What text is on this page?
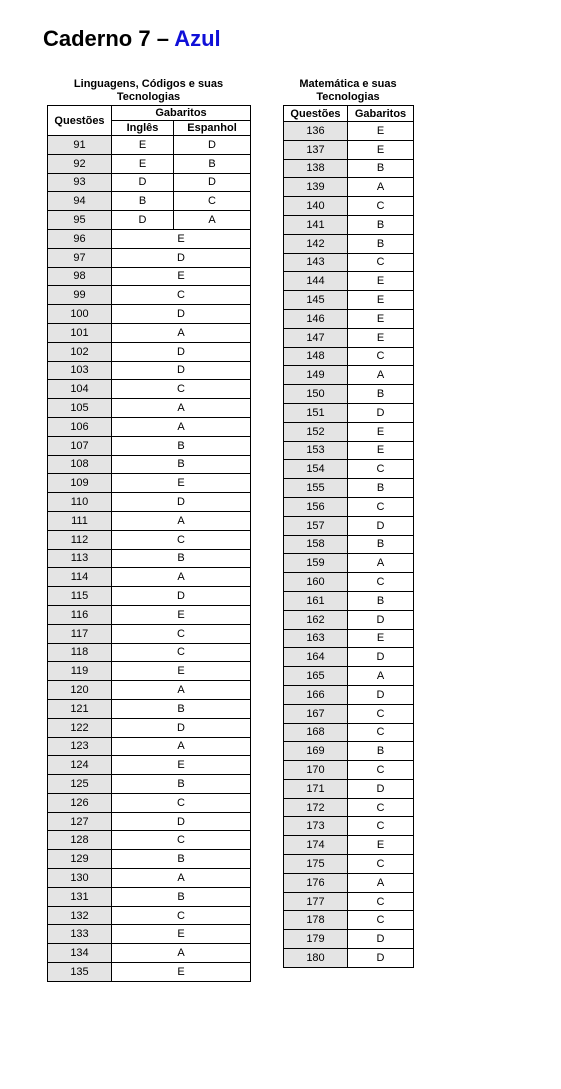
Caderno 7 – Azul
Linguagens, Códigos e suas Tecnologias
Matemática e suas Tecnologias
Questões	Gabaritos	
	Inglês	Espanhol
91	E	D
92	E	B
93	D	D
94	B	C
95	D	A
96	E	
97	D	
98	E	
99	C	
100	D	
101	A	
102	D	
103	D	
104	C	
105	A	
106	A	
107	B	
108	B	
109	E	
110	D	
111	A	
112	C	
113	B	
114	A	
115	D	
116	E	
117	C	
118	C	
119	E	
120	A	
121	B	
122	D	
123	A	
124	E	
125	B	
126	C	
127	D	
128	C	
129	B	
130	A	
131	B	
132	C	
133	E	
134	A	
135	E	
Questões	Gabaritos
136	E
137	E
138	B
139	A
140	C
141	B
142	B
143	C
144	E
145	E
146	E
147	E
148	C
149	A
150	B
151	D
152	E
153	E
154	C
155	B
156	C
157	D
158	B
159	A
160	C
161	B
162	D
163	E
164	D
165	A
166	D
167	C
168	C
169	B
170	C
171	D
172	C
173	C
174	E
175	C
176	A
177	C
178	C
179	D
180	D
